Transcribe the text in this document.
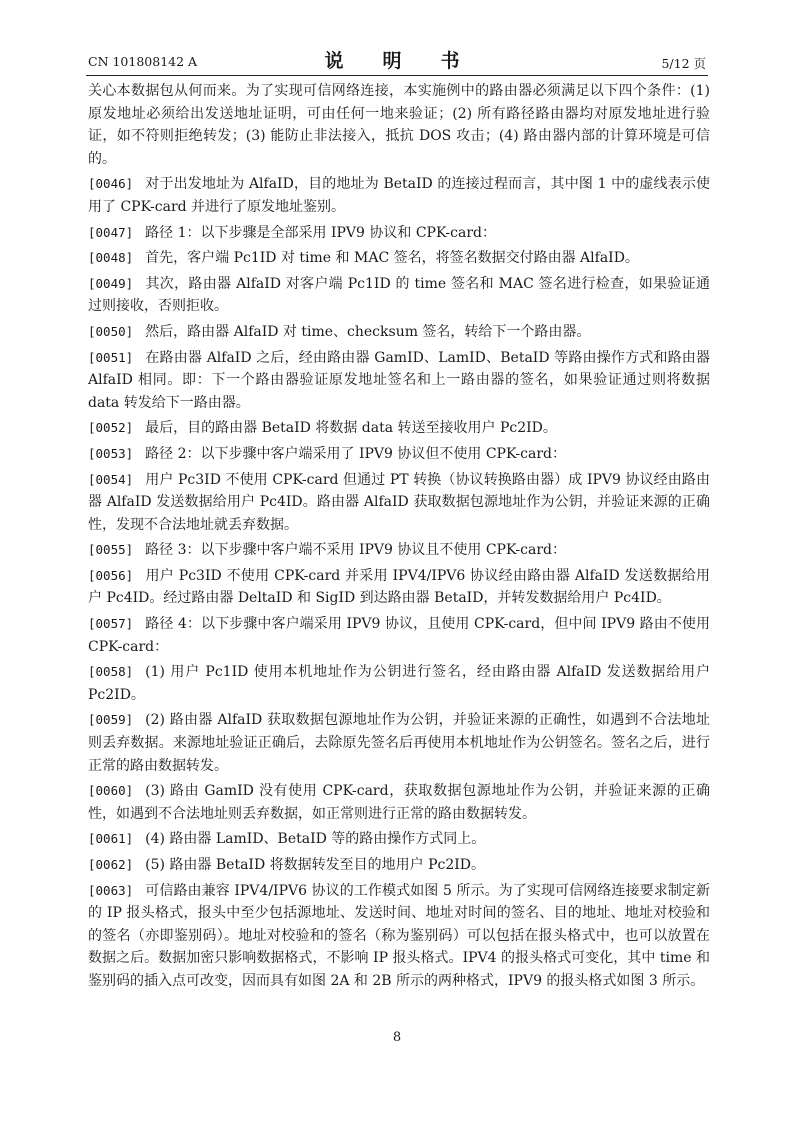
CN 101808142 A	说　明　书	5/12 页
关心本数据包从何而来。为了实现可信网络连接，本实施例中的路由器必须满足以下四个条件：(1) 原发地址必须给出发送地址证明，可由任何一地来验证；(2) 所有路径路由器均对原发地址进行验证，如不符则拒绝转发；(3) 能防止非法接入，抵抗 DOS 攻击；(4) 路由器内部的计算环境是可信的。
[0046] 对于出发地址为 AlfaID，目的地址为 BetaID 的连接过程而言，其中图 1 中的虚线表示使用了 CPK-card 并进行了原发地址鉴别。
[0047] 路径 1：以下步骤是全部采用 IPV9 协议和 CPK-card：
[0048] 首先，客户端 Pc1ID 对 time 和 MAC 签名，将签名数据交付路由器 AlfaID。
[0049] 其次，路由器 AlfaID 对客户端 Pc1ID 的 time 签名和 MAC 签名进行检查，如果验证通过则接收，否则拒收。
[0050] 然后，路由器 AlfaID 对 time、checksum 签名，转给下一个路由器。
[0051] 在路由器 AlfaID 之后，经由路由器 GamID、LamID、BetaID 等路由操作方式和路由器 AlfaID 相同。即：下一个路由器验证原发地址签名和上一路由器的签名，如果验证通过则将数据 data 转发给下一路由器。
[0052] 最后，目的路由器 BetaID 将数据 data 转送至接收用户 Pc2ID。
[0053] 路径 2：以下步骤中客户端采用了 IPV9 协议但不使用 CPK-card：
[0054] 用户 Pc3ID 不使用 CPK-card 但通过 PT 转换（协议转换路由器）成 IPV9 协议经由路由器 AlfaID 发送数据给用户 Pc4ID。路由器 AlfaID 获取数据包源地址作为公钥，并验证来源的正确性，发现不合法地址就丢弃数据。
[0055] 路径 3：以下步骤中客户端不采用 IPV9 协议且不使用 CPK-card：
[0056] 用户 Pc3ID 不使用 CPK-card 并采用 IPV4/IPV6 协议经由路由器 AlfaID 发送数据给用户 Pc4ID。经过路由器 DeltaID 和 SigID 到达路由器 BetaID，并转发数据给用户 Pc4ID。
[0057] 路径 4：以下步骤中客户端采用 IPV9 协议，且使用 CPK-card，但中间 IPV9 路由不使用 CPK-card：
[0058] (1) 用户 Pc1ID 使用本机地址作为公钥进行签名，经由路由器 AlfaID 发送数据给用户 Pc2ID。
[0059] (2) 路由器 AlfaID 获取数据包源地址作为公钥，并验证来源的正确性，如遇到不合法地址则丢弃数据。来源地址验证正确后，去除原先签名后再使用本机地址作为公钥签名。签名之后，进行正常的路由数据转发。
[0060] (3) 路由 GamID 没有使用 CPK-card，获取数据包源地址作为公钥，并验证来源的正确性，如遇到不合法地址则丢弃数据，如正常则进行正常的路由数据转发。
[0061] (4) 路由器 LamID、BetaID 等的路由操作方式同上。
[0062] (5) 路由器 BetaID 将数据转发至目的地用户 Pc2ID。
[0063] 可信路由兼容 IPV4/IPV6 协议的工作模式如图 5 所示。为了实现可信网络连接要求制定新的 IP 报头格式，报头中至少包括源地址、发送时间、地址对时间的签名、目的地址、地址对校验和的签名（亦即鉴别码）。地址对校验和的签名（称为鉴别码）可以包括在报头格式中，也可以放置在数据之后。数据加密只影响数据格式，不影响 IP 报头格式。IPV4 的报头格式可变化，其中 time 和鉴别码的插入点可改变，因而具有如图 2A 和 2B 所示的两种格式，IPV9 的报头格式如图 3 所示。
8
